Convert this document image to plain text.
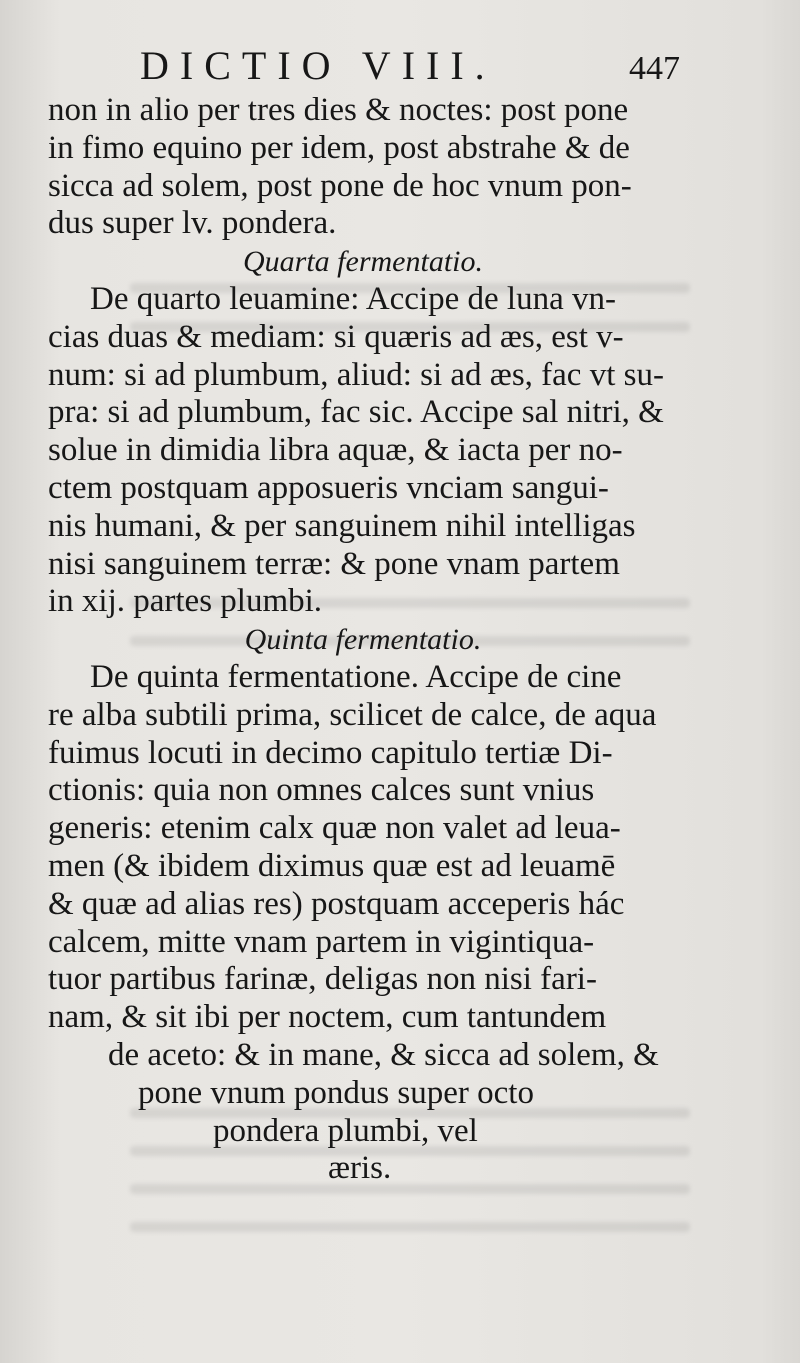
DICTIO VIII.	447
non in alio per tres dies & noctes: post pone
in fimo equino per idem, post abstrahe & de
sicca ad solem, post pone de hoc vnum pon-
dus super lv. pondera.
Quarta fermentatio.
De quarto leuamine: Accipe de luna vn-
cias duas & mediam: si quæris ad æs, est v-
num: si ad plumbum, aliud: si ad æs, fac vt su-
pra: si ad plumbum, fac sic. Accipe sal nitri, &
solue in dimidia libra aquæ, & iacta per no-
ctem postquam apposueris vnciam sangui-
nis humani, & per sanguinem nihil intelligas
nisi sanguinem terræ: & pone vnam partem
in xij. partes plumbi.
Quinta fermentatio.
De quinta fermentatione. Accipe de cine
re alba subtili prima, scilicet de calce, de aqua
fuimus locuti in decimo capitulo tertiæ Di-
ctionis: quia non omnes calces sunt vnius
generis: etenim calx quæ non valet ad leua-
men (& ibidem diximus quæ est ad leuamē
& quæ ad alias res) postquam acceperis hác
calcem, mitte vnam partem in vigintiqua-
tuor partibus farinæ, deligas non nisi fari-
nam, & sit ibi per noctem, cum tantundem
de aceto: & in mane, & sicca ad solem, &
pone vnum pondus super octo
pondera plumbi, vel
æris.
